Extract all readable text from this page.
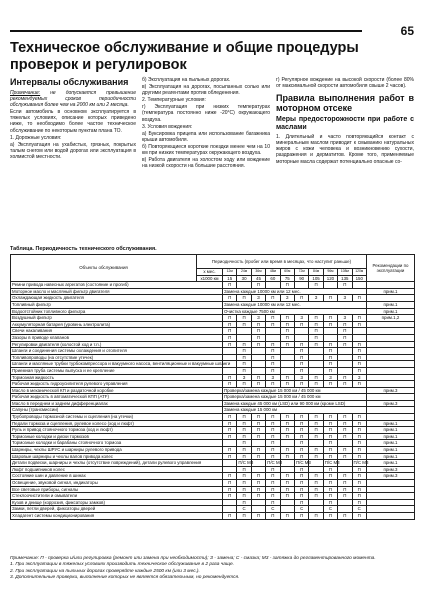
65
Техническое обслуживание и общие процедуры проверок и регулировок
Интервалы обслуживания

Примечание: не допускается превышение рекомендуемых сроков периодичности обслуживания более чем на 2000 км или 2 месяца.

Если автомобиль в основном эксплуатируется в тяжелых условиях, описание которых приведено ниже, то необходимо более частое техническое обслуживание по некоторым пунктам плана ТО.

1. Дорожные условия:

а) Эксплуатация на ухабистых, грязных, покрытых талым снегом или водой дорогах или эксплуатация в холмистой местности.

б) Эксплуатация на пыльных дорогах.

в) Эксплуатация на дорогах, посыпанных солью или другими реагентами против обледенения.

2. Температурные условия:

г) Эксплуатация при низких температурах (температура постоянно ниже -20°С) окружающего воздуха.

3. Условия вождения:

а) Буксировка прицепа или использование багажника крыши автомобиля.

б) Повторяющиеся короткие поездки менее чем на 10 км при низких температурах окружающего воздуха.

в) Работа двигателя на холостом ходу или вождение на низкой скорости на большие расстояния.

г) Регулярное вождение на высокой скорости (более 80% от максимальной скорости автомобиля свыше 2 часов).

Правила выполнения работ в моторном отсеке
Меры предосторожности при работе с маслами

1. Длительный и часто повторяющийся контакт с минеральным маслом приводит к смыванию натуральных жиров с кожи человека и возникновению сухости, раздражения и дерматитов. Кроме того, применяемые моторные масла содержат потенциально опасные со-

Таблица. Периодичность технического обслуживания.
Объекты обслуживания	Периодичность (пробег или время в месяцах, что наступит раньше)											Рекомендации по эксплуатации
	х мес.	12м	24м	36м	48м	60м	72м	84м	96м	108м	120м	
	х1000 км	15	30	45	60	75	90	105	120	135	150	
Ремни привода навесных агрегатов (состояние и прогиб)		П		П		П		П		П		
Моторное масло и масляный фильтр двигателя		Замена каждые 10000 км или 12 мес.										прим.1
Охлаждающая жидкость двигателя		П	П	З	П	З	П	З	П	З	П	
Топливный фильтр		Замена каждые 10000 км или 12 мес.										прим.1
Водоотстойник топливного фильтра		Очистка каждые 7500 км										прим.1
Воздушный фильтр		П	П	З	П	П	З	П	П	З	П	прим.1,2
Аккумуляторная батарея (уровень электролита)		П	П	П	П	П	П	П	П	П	П	
Свечи накаливания		П		П		П		П		П		
Зазоры в приводе клапанов		П		П		П		П		П		
Регулировки двигателя (холостой ход и т.п.)		П	П	П	П	П	П	П	П	П	П	
Шланги и соединения системы охлаждения и отопителя			П		П		П		П		П	
Топливопроводы (на отсутствие утечек)			П		П		П		П		П	
Шланги и масляные трубки турбокомпрессора и вакуумного насоса, вентиляционные и вакуумные шланги			П		П		П		П		П	
Приемная труба системы выпуска и ее крепление			П		П		П		П		П	
Тормозная жидкость		П	З	П	З	П	З	П	З	П	З	
Рабочая жидкость гидроусилителя рулевого управления		П	П	П	П	П	П	П	П	П	П	
Масло в механической КП и раздаточной коробке		Проверка/замена каждые 15 000 км / 45 000 км										прим.3
Рабочая жидкость в автоматической КПП (ATF)		Проверка/замена каждые 15 000 км / 45 000 км										
Масло в переднем и заднем дифференциалах		Замена каждые 45 000 км (LSD) или 90 000 км (кроме LSD)										прим.3
Сапуны (трансмиссии)		Замена каждые 15 000 км										
Трубопроводы тормозной системы и сцепления (на утечки)		П	П	П	П	П	П	П	П	П	П	
Педали тормоза и сцепления, рулевое колесо (ход и люфт)		П	П	П	П	П	П	П	П	П	П	прим.1
Руль и привод стояночного тормоза (ход и люфт)		П	П	П	П	П	П	П	П	П	П	прим.1
Тормозные колодки и диски тормозов		П	П	П	П	П	П	П	П	П	П	прим.1
Тормозные колодки и барабаны стояночного тормоза			П		П		П		П		П	прим.1
Шарниры, чехлы ШРУС и шарниры рулевого привода		П	П	П	П	П	П	П	П	П	П	прим.1
Шаровые шарниры и чехлы валов привода колес		П	П	П	П	П	П	П	П	П	П	прим.1
Детали подвески, шарниры и чехлы (отсутствие повреждений), детали рулевого управления			П/С М3		П/С М3		П/С М3		П/С М3		П/С М3	прим.1
Люфт подшипников колес			П		П		П		П		П	прим.3
Состояние шин и давление в шинах		П	П	П	П	П	П	П	П	П	П	прим.3
Освещение, звуковой сигнал, индикаторы		П	П	П	П	П	П	П	П	П	П	
Все световые приборы, сигналы		П	П	П	П	П	П	П	П	П	П	
Стеклоочистители и омыватели		П	П	П	П	П	П	П	П	П	П	
Кузов и днище (коррозия, фиксаторы замков)			П		П		П		П		П	
Замки, петли дверей, фиксаторы дверей			С		С		С		С		С	
Хладагент системы кондиционирования		П	П	П	П	П	П	П	П	П	П	
Примечание: П - проверка и/или регулировка (ремонт или замена при необходимости); З - замена; С - смазка; М3 - затяжка до регламентированного момента.
1. При эксплуатации в тяжелых условиях производить техническое обслуживание в 2 раза чаще.
2. При эксплуатации на пыльных дорогах проверяйте каждые 2500 км (или 3 мес.).
3. Дополнительные проверки, выполнение которых не является обязательным, но рекомендуется.
